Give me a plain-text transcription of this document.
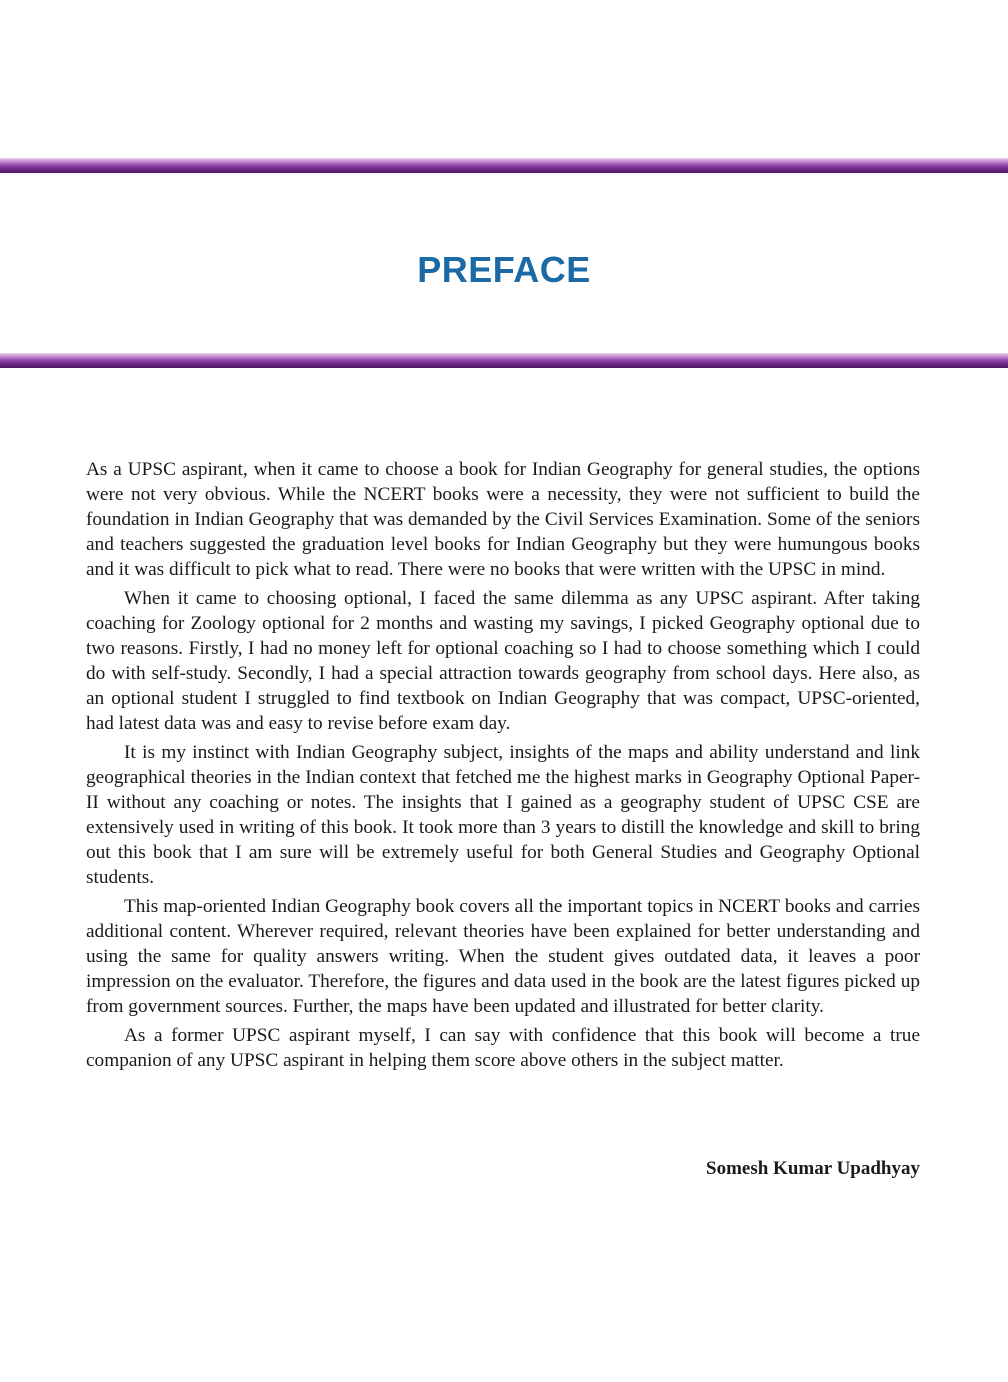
PREFACE

As a UPSC aspirant, when it came to choose a book for Indian Geography for general studies, the options were not very obvious. While the NCERT books were a necessity, they were not sufficient to build the foundation in Indian Geography that was demanded by the Civil Services Examination. Some of the seniors and teachers suggested the graduation level books for Indian Geography but they were humungous books and it was difficult to pick what to read. There were no books that were written with the UPSC in mind.

When it came to choosing optional, I faced the same dilemma as any UPSC aspirant. After taking coaching for Zoology optional for 2 months and wasting my savings, I picked Geography optional due to two reasons. Firstly, I had no money left for optional coaching so I had to choose something which I could do with self-study. Secondly, I had a special attraction towards geography from school days. Here also, as an optional student I struggled to find textbook on Indian Geography that was compact, UPSC-oriented, had latest data was and easy to revise before exam day.

It is my instinct with Indian Geography subject, insights of the maps and ability understand and link geographical theories in the Indian context that fetched me the highest marks in Geography Optional Paper-II without any coaching or notes. The insights that I gained as a geography student of UPSC CSE are extensively used in writing of this book. It took more than 3 years to distill the knowledge and skill to bring out this book that I am sure will be extremely useful for both General Studies and Geography Optional students.

This map-oriented Indian Geography book covers all the important topics in NCERT books and carries additional content. Wherever required, relevant theories have been explained for better understanding and using the same for quality answers writing. When the student gives outdated data, it leaves a poor impression on the evaluator. Therefore, the figures and data used in the book are the latest figures picked up from government sources. Further, the maps have been updated and illustrated for better clarity.

As a former UPSC aspirant myself, I can say with confidence that this book will become a true companion of any UPSC aspirant in helping them score above others in the subject matter.

Somesh Kumar Upadhyay
